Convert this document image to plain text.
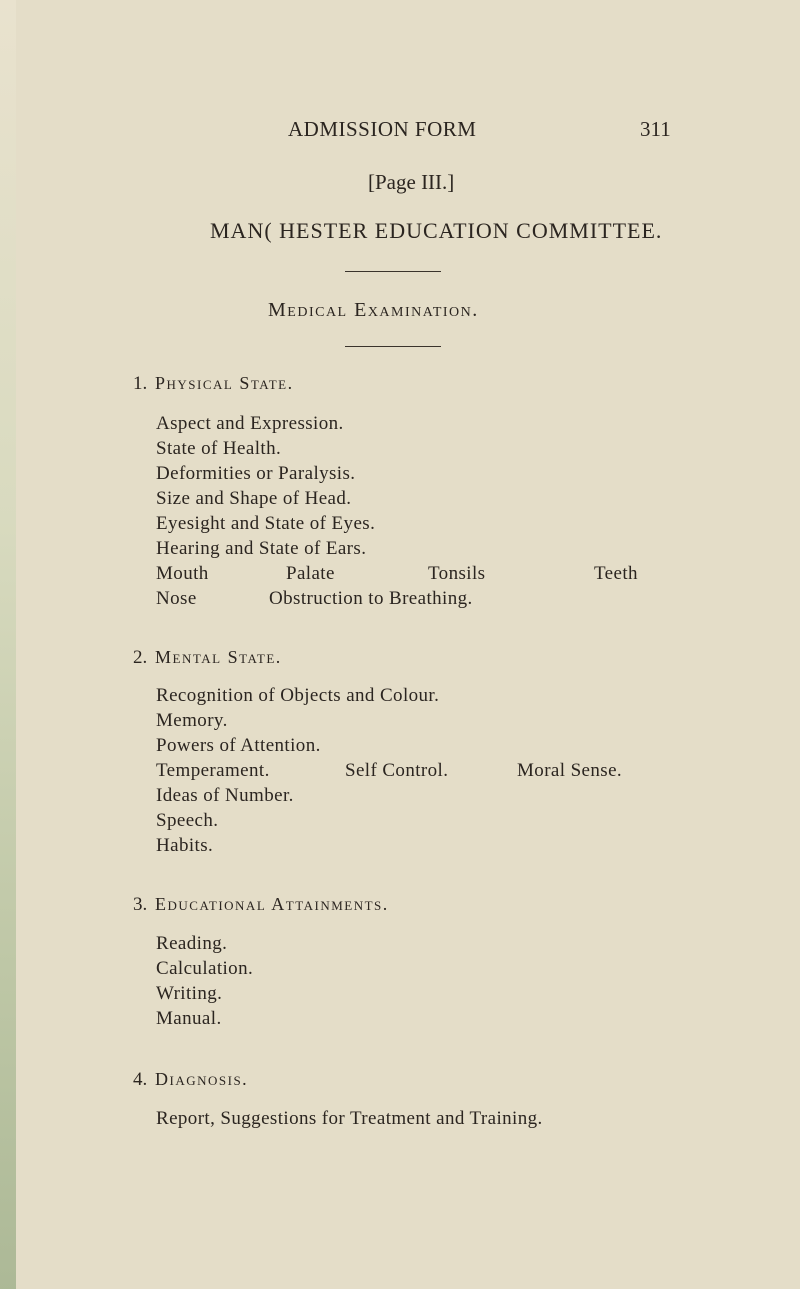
ADMISSION FORM	311
[Page III.]
MAN( HESTER EDUCATION COMMITTEE.
Medical Examination.
1. Physical State.
Aspect and Expression.
State of Health.
Deformities or Paralysis.
Size and Shape of Head.
Eyesight and State of Eyes.
Hearing and State of Ears.
Mouth	Palate	Tonsils	Teeth
Nose	Obstruction to Breathing.
2. Mental State.
Recognition of Objects and Colour.
Memory.
Powers of Attention.
Temperament.	Self Control.	Moral Sense.
Ideas of Number.
Speech.
Habits.
3. Educational Attainments.
Reading.
Calculation.
Writing.
Manual.
4. Diagnosis.
Report, Suggestions for Treatment and Training.
